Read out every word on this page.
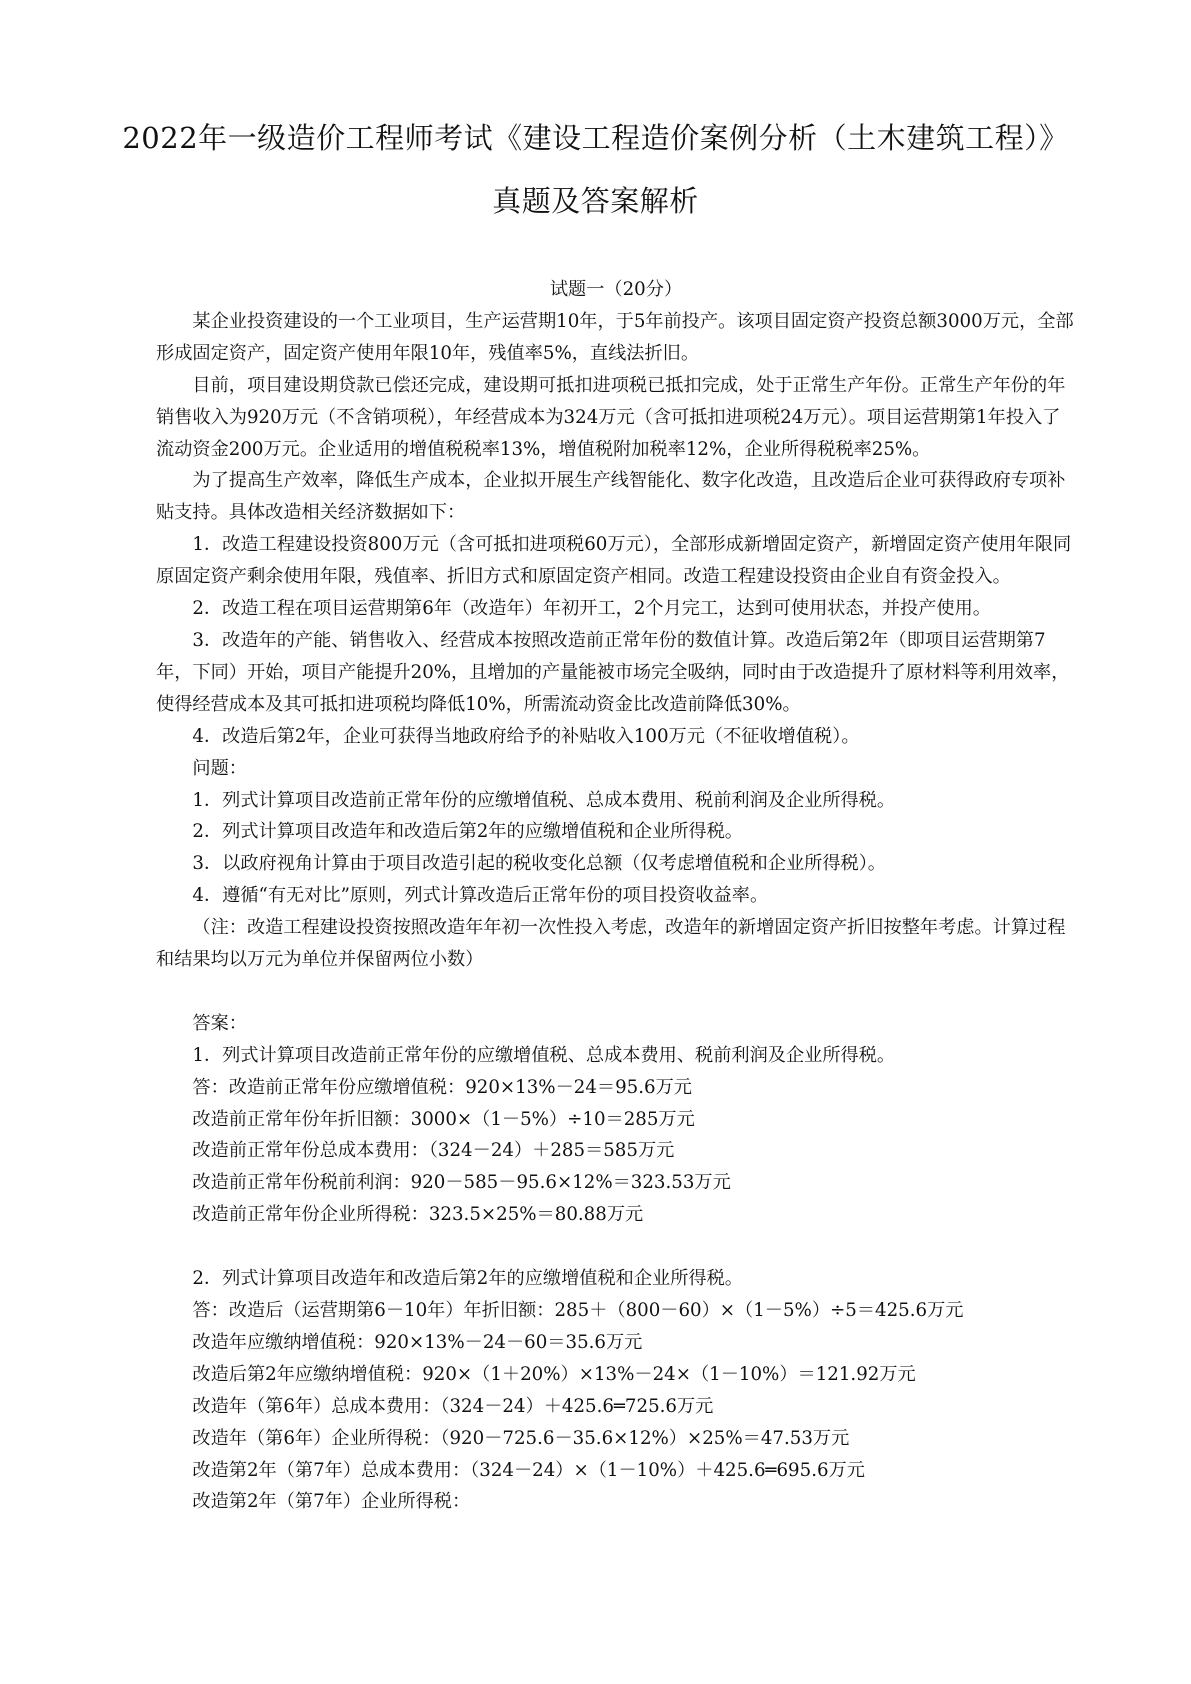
2022年一级造价工程师考试《建设工程造价案例分析（土木建筑工程）》
真题及答案解析

试题一（20分）

某企业投资建设的一个工业项目，生产运营期10年，于5年前投产。该项目固定资产投资总额3000万元，全部形成固定资产，固定资产使用年限10年，残值率5%，直线法折旧。

目前，项目建设期贷款已偿还完成，建设期可抵扣进项税已抵扣完成，处于正常生产年份。正常生产年份的年销售收入为920万元（不含销项税），年经营成本为324万元（含可抵扣进项税24万元）。项目运营期第1年投入了流动资金200万元。企业适用的增值税税率13%，增值税附加税率12%，企业所得税税率25%。

为了提高生产效率，降低生产成本，企业拟开展生产线智能化、数字化改造，且改造后企业可获得政府专项补贴支持。具体改造相关经济数据如下：

1．改造工程建设投资800万元（含可抵扣进项税60万元），全部形成新增固定资产，新增固定资产使用年限同原固定资产剩余使用年限，残值率、折旧方式和原固定资产相同。改造工程建设投资由企业自有资金投入。

2．改造工程在项目运营期第6年（改造年）年初开工，2个月完工，达到可使用状态，并投产使用。

3．改造年的产能、销售收入、经营成本按照改造前正常年份的数值计算。改造后第2年（即项目运营期第7年，下同）开始，项目产能提升20%，且增加的产量能被市场完全吸纳，同时由于改造提升了原材料等利用效率，使得经营成本及其可抵扣进项税均降低10%，所需流动资金比改造前降低30%。

4．改造后第2年，企业可获得当地政府给予的补贴收入100万元（不征收增值税）。

问题：

1．列式计算项目改造前正常年份的应缴增值税、总成本费用、税前利润及企业所得税。

2．列式计算项目改造年和改造后第2年的应缴增值税和企业所得税。

3．以政府视角计算由于项目改造引起的税收变化总额（仅考虑增值税和企业所得税）。

4．遵循“有无对比”原则，列式计算改造后正常年份的项目投资收益率。

（注：改造工程建设投资按照改造年年初一次性投入考虑，改造年的新增固定资产折旧按整年考虑。计算过程和结果均以万元为单位并保留两位小数）

答案：

1．列式计算项目改造前正常年份的应缴增值税、总成本费用、税前利润及企业所得税。

答：改造前正常年份应缴增值税：920×13%－24＝95.6万元

改造前正常年份年折旧额：3000×（1－5%）÷10＝285万元

改造前正常年份总成本费用：（324－24）＋285＝585万元

改造前正常年份税前利润：920－585－95.6×12%＝323.53万元

改造前正常年份企业所得税：323.5×25%＝80.88万元

2．列式计算项目改造年和改造后第2年的应缴增值税和企业所得税。

答：改造后（运营期第6－10年）年折旧额：285＋（800－60）×（1－5%）÷5＝425.6万元

改造年应缴纳增值税：920×13%－24－60＝35.6万元

改造后第2年应缴纳增值税：920×（1＋20%）×13%－24×（1－10%）＝121.92万元

改造年（第6年）总成本费用：（324－24）＋425.6═725.6万元

改造年（第6年）企业所得税：（920－725.6－35.6×12%）×25%＝47.53万元

改造第2年（第7年）总成本费用：（324－24）×（1－10%）＋425.6═695.6万元

改造第2年（第7年）企业所得税：
